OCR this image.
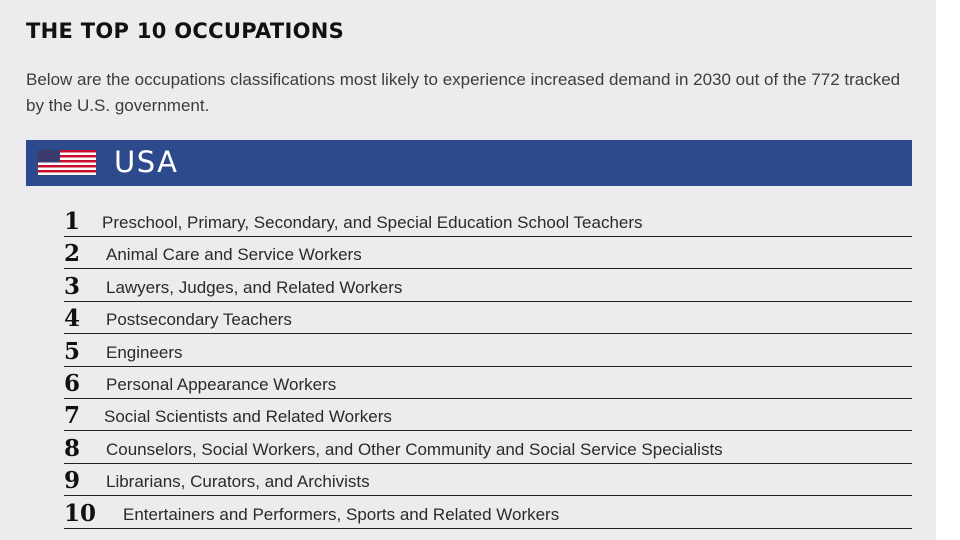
THE TOP 10 OCCUPATIONS

Below are the occupations classifications most likely to experience increased demand in 2030 out of the 772 tracked by the U.S. government.

USA
1 Preschool, Primary, Secondary, and Special Education School Teachers
2 Animal Care and Service Workers
3 Lawyers, Judges, and Related Workers
4 Postsecondary Teachers
5 Engineers
6 Personal Appearance Workers
7 Social Scientists and Related Workers
8 Counselors, Social Workers, and Other Community and Social Service Specialists
9 Librarians, Curators, and Archivists
10 Entertainers and Performers, Sports and Related Workers
